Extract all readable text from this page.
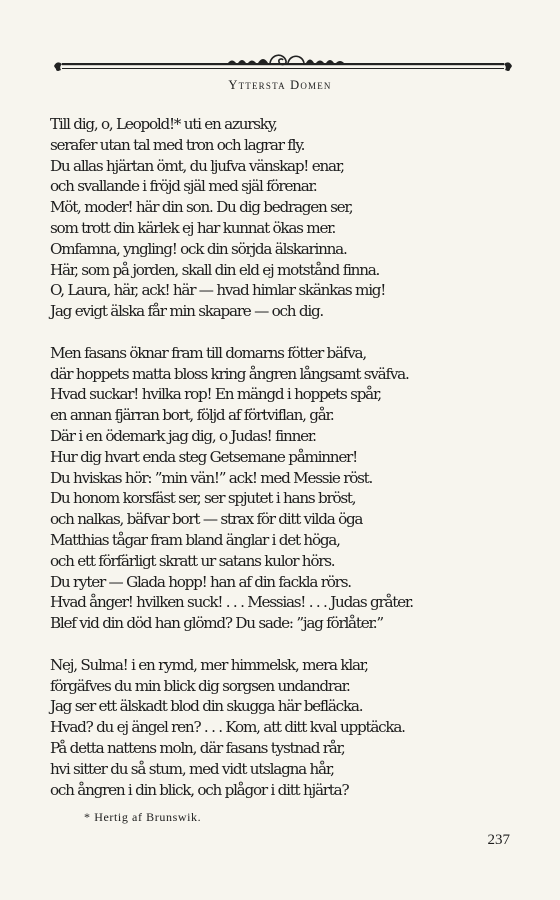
Yttersta Domen
Till dig, o, Leopold!* uti en azursky,
serafer utan tal med tron och lagrar fly.
Du allas hjärtan ömt, du ljufva vänskap! enar,
och svallande i fröjd själ med själ förenar.
Möt, moder! här din son. Du dig bedragen ser,
som trott din kärlek ej har kunnat ökas mer.
Omfamna, yngling! ock din sörjda älskarinna.
Här, som på jorden, skall din eld ej motstånd finna.
O, Laura, här, ack! här — hvad himlar skänkas mig!
Jag evigt älska får min skapare — och dig.
Men fasans öknar fram till domarns fötter bäfva,
där hoppets matta bloss kring ångren långsamt sväfva.
Hvad suckar! hvilka rop! En mängd i hoppets spår,
en annan fjärran bort, följd af förtviflan, går.
Där i en ödemark jag dig, o Judas! finner.
Hur dig hvart enda steg Getsemane påminner!
Du hviskas hör: ”min vän!” ack! med Messie röst.
Du honom korsfäst ser, ser spjutet i hans bröst,
och nalkas, bäfvar bort — strax för ditt vilda öga
Matthias tågar fram bland änglar i det höga,
och ett förfärligt skratt ur satans kulor hörs.
Du ryter — Glada hopp! han af din fackla rörs.
Hvad ånger! hvilken suck! . . . Messias! . . . Judas gråter.
Blef vid din död han glömd? Du sade: ”jag förlåter.”
Nej, Sulma! i en rymd, mer himmelsk, mera klar,
förgäfves du min blick dig sorgsen undandrar.
Jag ser ett älskadt blod din skugga här befläcka.
Hvad? du ej ängel ren? . . . Kom, att ditt kval upptäcka.
På detta nattens moln, där fasans tystnad rår,
hvi sitter du så stum, med vidt utslagna hår,
och ångren i din blick, och plågor i ditt hjärta?
* Hertig af Brunswik.
237
